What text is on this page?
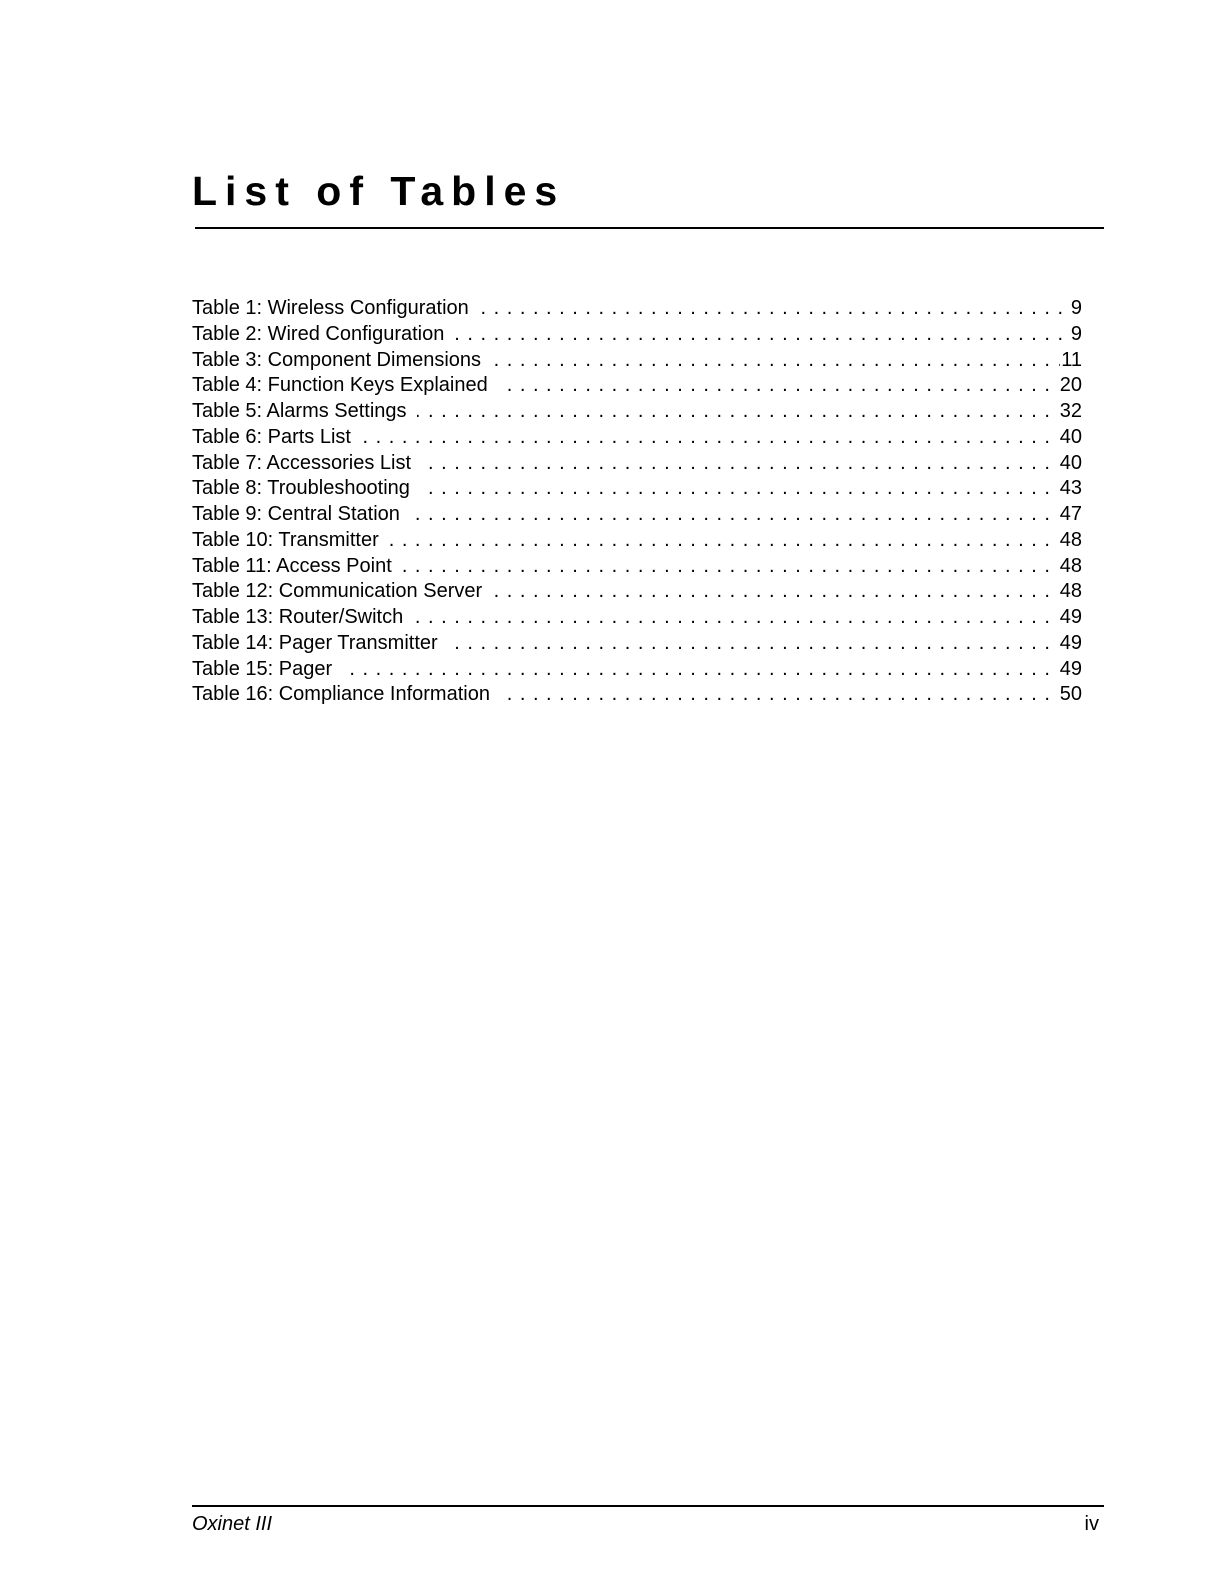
List of Tables
Table 1: Wireless Configuration	9
. . .
Table 2: Wired Configuration	9
. . .
Table 3: Component Dimensions	11
. . .
Table 4: Function Keys Explained	20
. . .
Table 5: Alarms Settings	32
. . .
Table 6: Parts List	40
. . .
Table 7: Accessories List	40
. . .
Table 8: Troubleshooting	43
. . .
Table 9: Central Station	47
. . .
Table 10: Transmitter	48
. . .
Table 11: Access Point	48
. . .
Table 12: Communication Server	48
. . .
Table 13: Router/Switch	49
. . .
Table 14: Pager Transmitter	49
. . .
Table 15: Pager	49
. . .
Table 16: Compliance Information	50
. . .
Oxinet III	iv
